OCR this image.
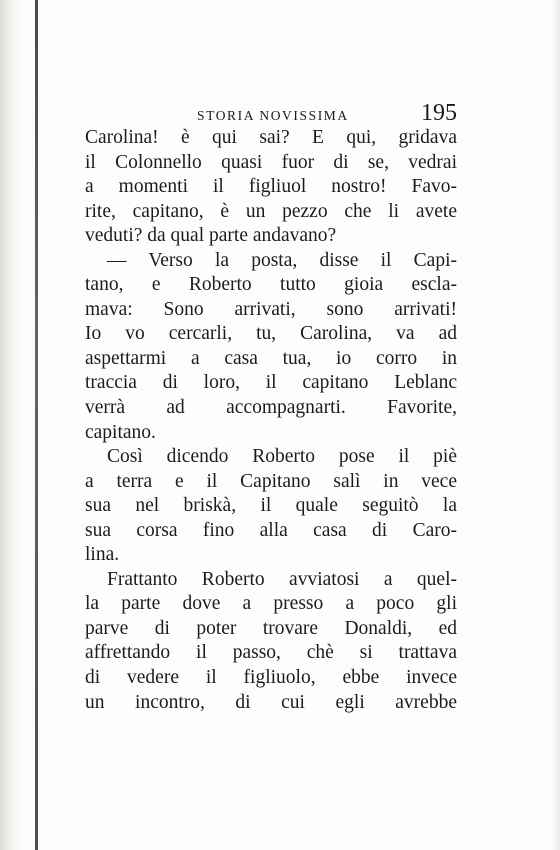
STORIA NOVISSIMA	195
Carolina! è qui sai? E qui, gridava
il Colonnello quasi fuor di se, vedrai
a momenti il figliuol nostro! Favo-
rite, capitano, è un pezzo che li avete
veduti? da qual parte andavano?
— Verso la posta, disse il Capi-
tano, e Roberto tutto gioia escla-
mava: Sono arrivati, sono arrivati!
Io vo cercarli, tu, Carolina, va ad
aspettarmi a casa tua, io corro in
traccia di loro, il capitano Leblanc
verrà ad accompagnarti. Favorite,
capitano.
Così dicendo Roberto pose il piè
a terra e il Capitano salì in vece
sua nel briskà, il quale seguitò la
sua corsa fino alla casa di Caro-
lina.
Frattanto Roberto avviatosi a quel-
la parte dove a presso a poco gli
parve di poter trovare Donaldi, ed
affrettando il passo, chè si trattava
di vedere il figliuolo, ebbe invece
un incontro, di cui egli avrebbe
